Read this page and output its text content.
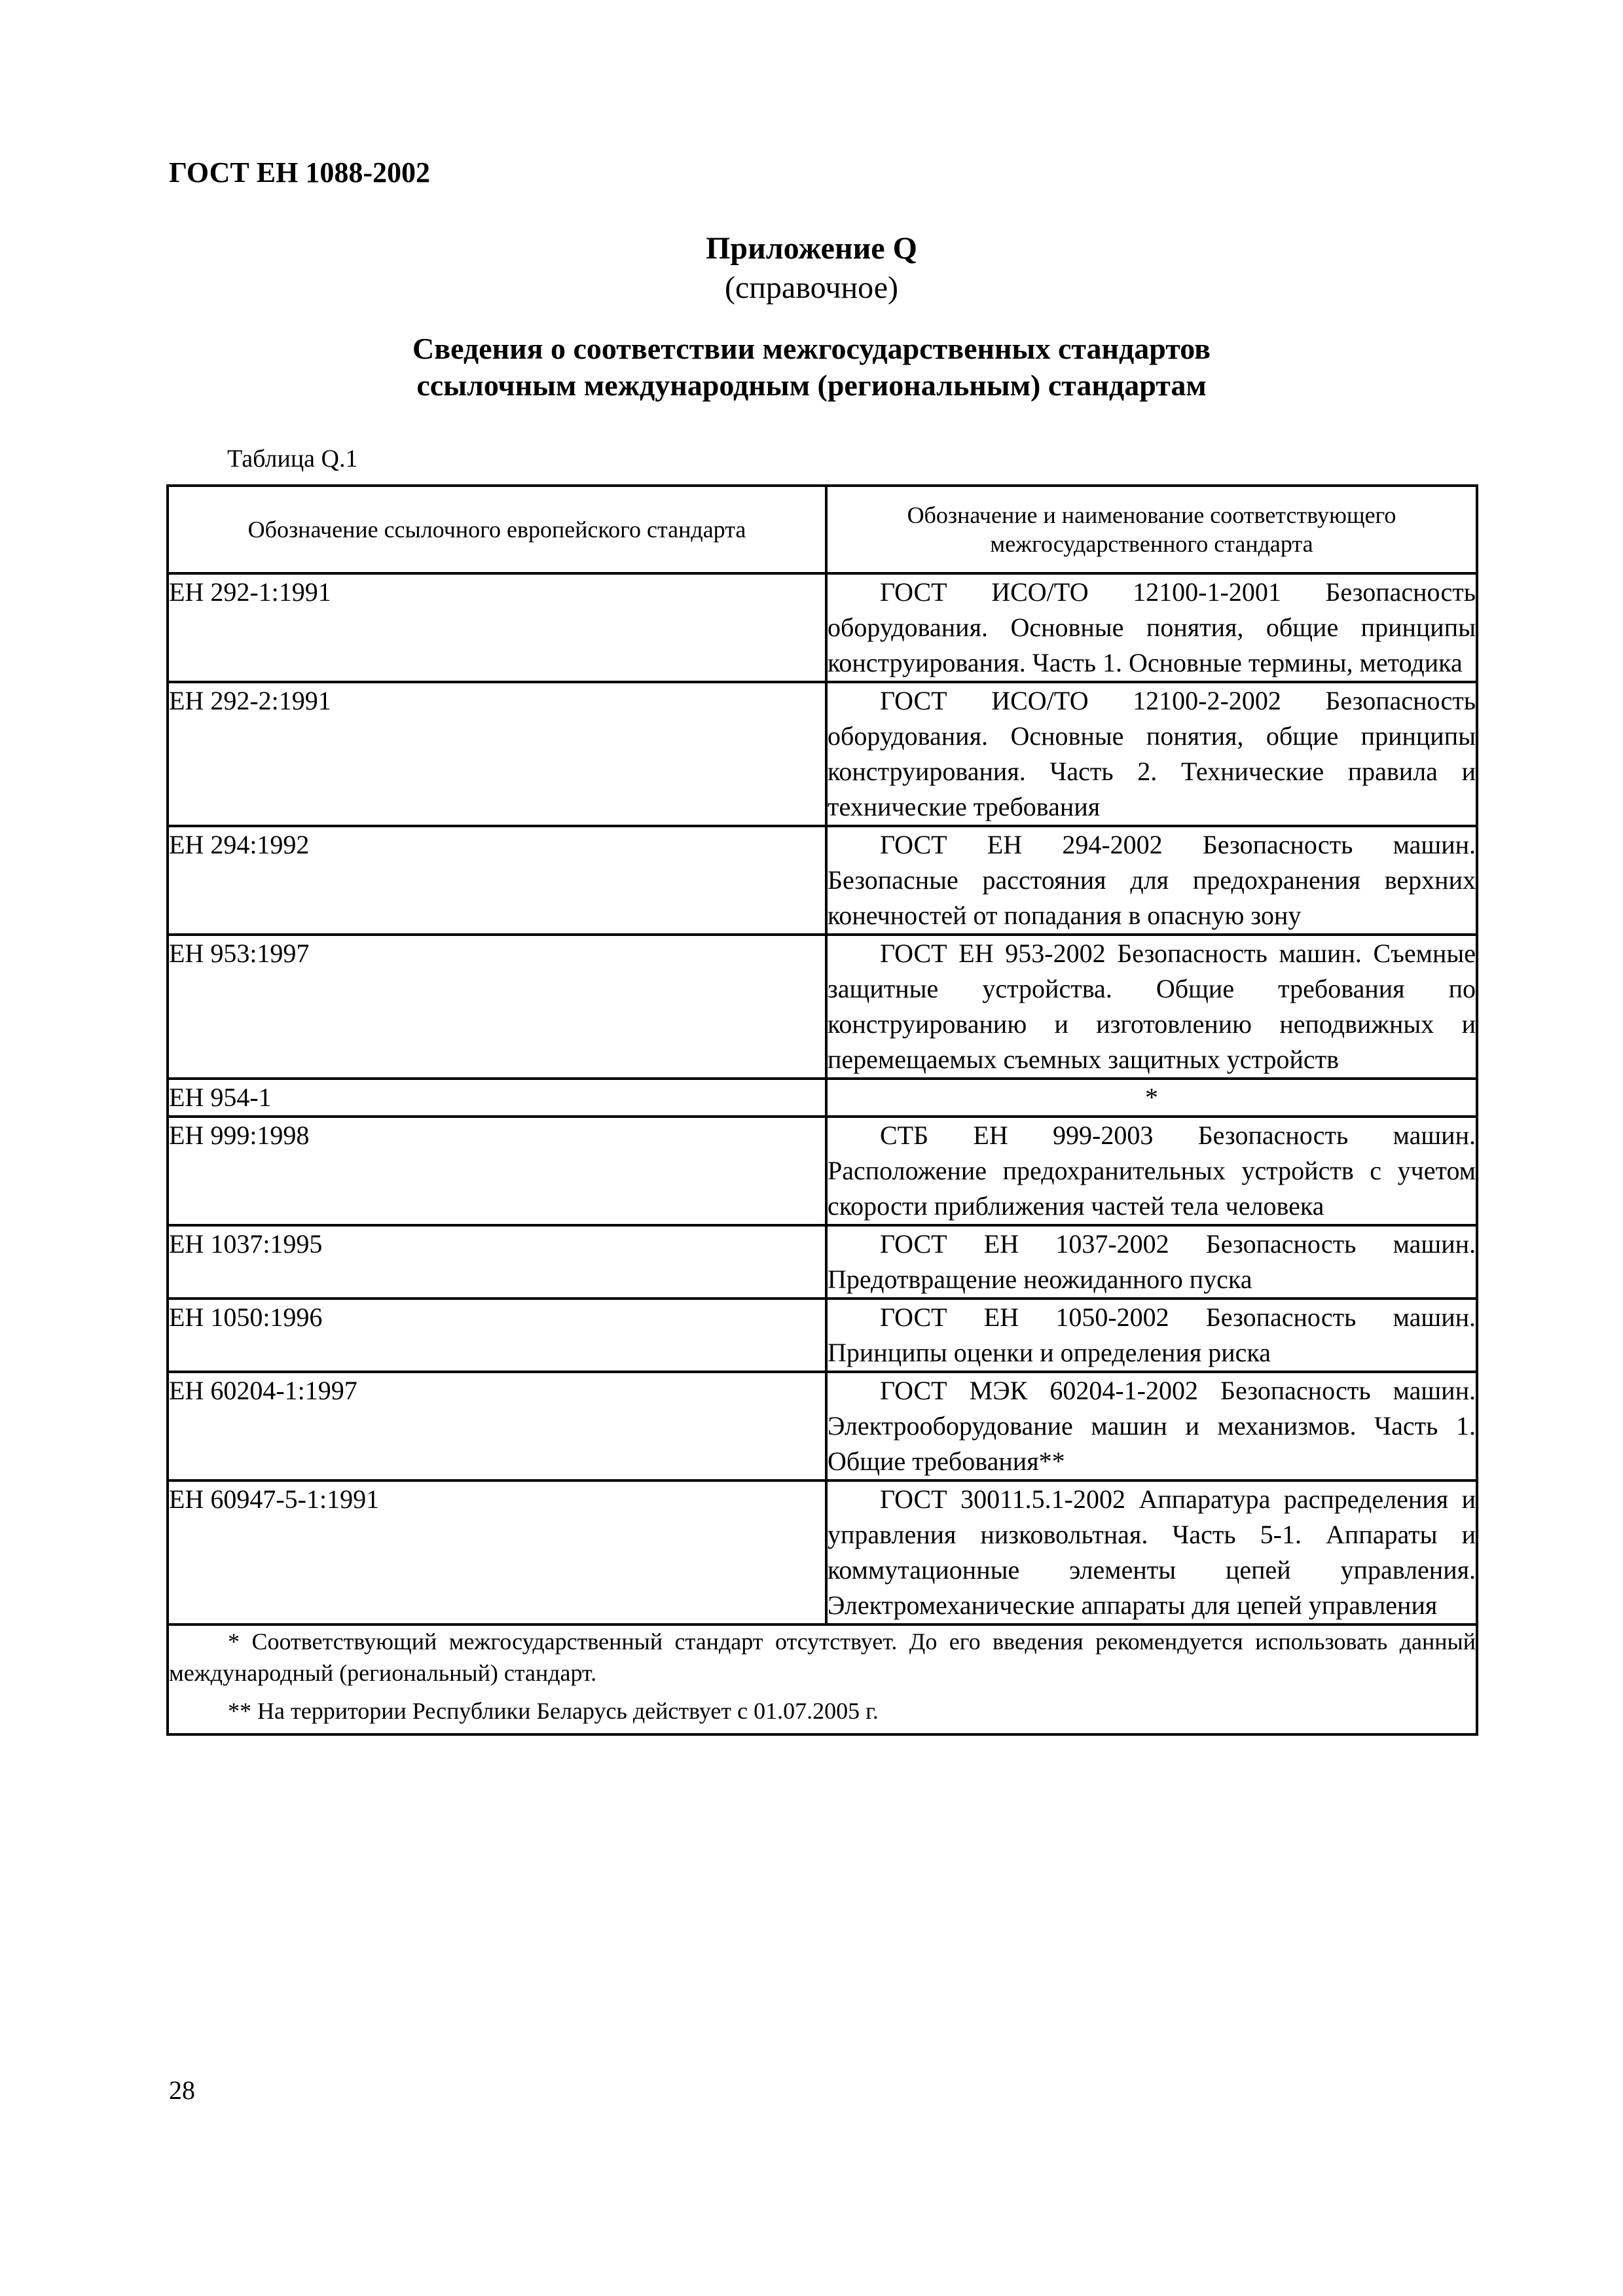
ГОСТ ЕН 1088-2002
Приложение Q
(справочное)
Сведения о соответствии межгосударственных стандартов
ссылочным международным (региональным) стандартам
Таблица Q.1
Обозначение ссылочного европейского стандарта	Обозначение и наименование соответствующего межгосударственного стандарта
ЕН 292-1:1991	ГОСТ ИСО/ТО 12100-1-2001 Безопасность оборудования. Основные понятия, общие принципы конструирования. Часть 1. Основные термины, методика
ЕН 292-2:1991	ГОСТ ИСО/ТО 12100-2-2002 Безопасность оборудования. Основные понятия, общие принципы конструирования. Часть 2. Технические правила и технические требования
ЕН 294:1992	ГОСТ ЕН 294-2002 Безопасность машин. Безопасные расстояния для предохранения верхних конечностей от попадания в опасную зону
ЕН 953:1997	ГОСТ ЕН 953-2002 Безопасность машин. Съемные защитные устройства. Общие требования по конструированию и изготовлению неподвижных и перемещаемых съемных защитных устройств
ЕН 954-1	*
ЕН 999:1998	СТБ ЕН 999-2003 Безопасность машин. Расположение предохранительных устройств с учетом скорости приближения частей тела человека
ЕН 1037:1995	ГОСТ ЕН 1037-2002 Безопасность машин. Предотвращение неожиданного пуска
ЕН 1050:1996	ГОСТ ЕН 1050-2002 Безопасность машин. Принципы оценки и определения риска
ЕН 60204-1:1997	ГОСТ МЭК 60204-1-2002 Безопасность машин. Электрооборудование машин и механизмов. Часть 1. Общие требования**
ЕН 60947-5-1:1991	ГОСТ 30011.5.1-2002 Аппаратура распределения и управления низковольтная. Часть 5-1. Аппараты и коммутационные элементы цепей управления. Электромеханические аппараты для цепей управления

* Соответствующий межгосударственный стандарт отсутствует. До его введения рекомендуется использовать данный международный (региональный) стандарт.

** На территории Республики Беларусь действует с 01.07.2005 г.	

28
